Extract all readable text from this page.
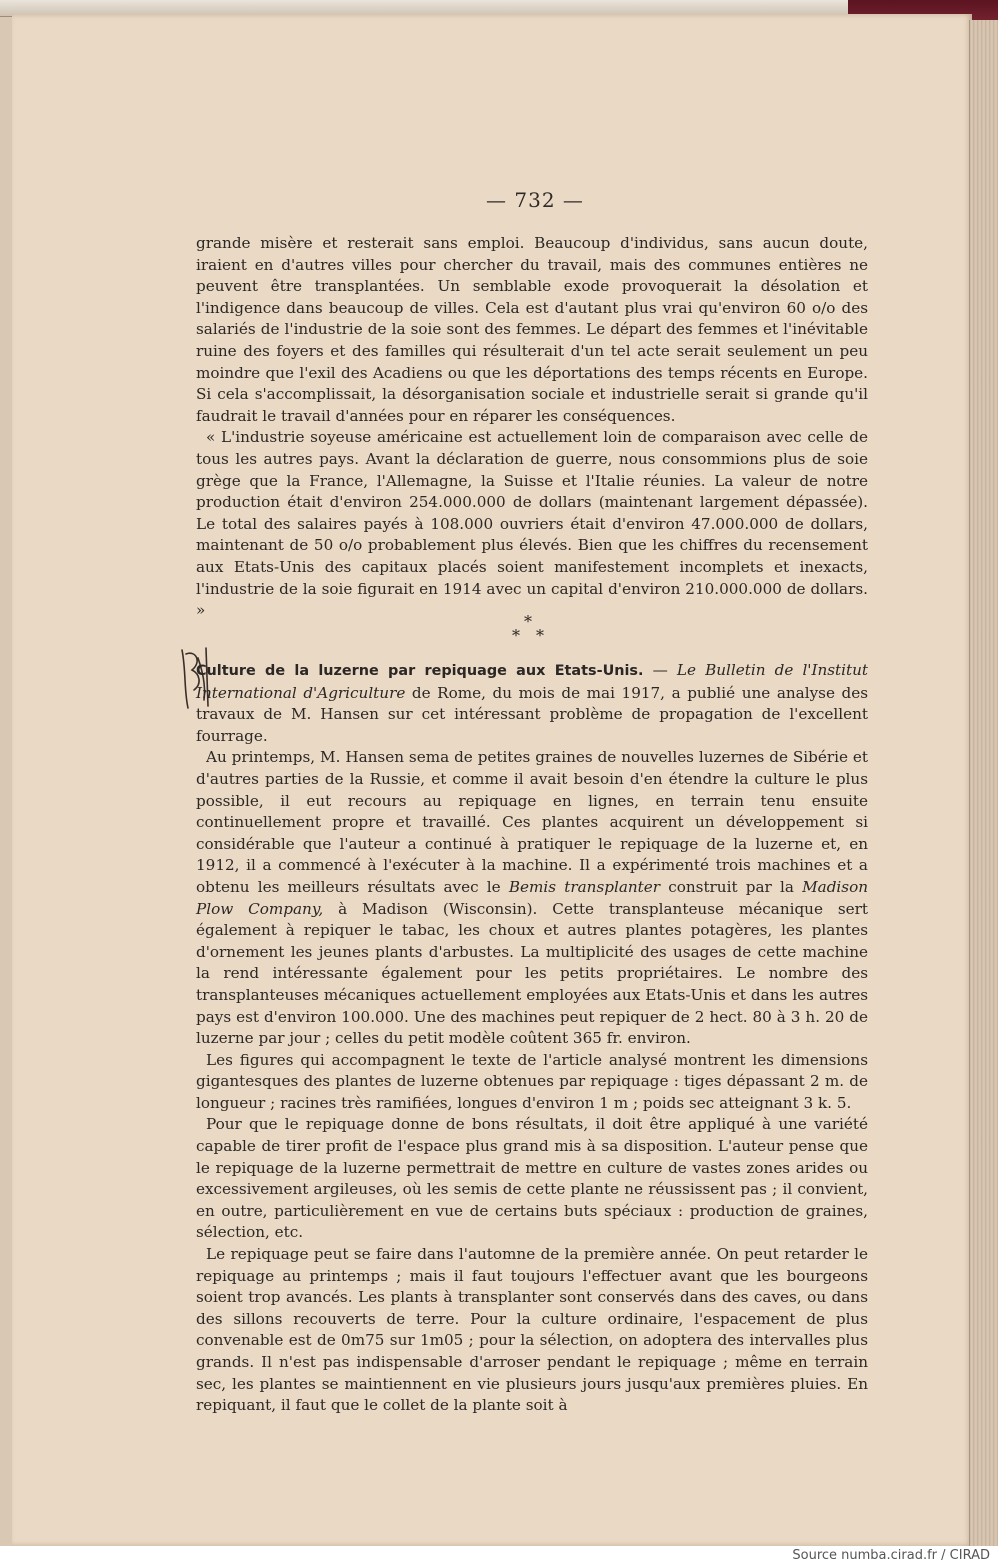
— 732 —

grande misère et resterait sans emploi. Beaucoup d'individus, sans aucun doute, iraient en d'autres villes pour chercher du travail, mais des communes entières ne peuvent être transplantées. Un semblable exode provoquerait la désolation et l'indigence dans beaucoup de villes. Cela est d'autant plus vrai qu'environ 60 o/o des salariés de l'industrie de la soie sont des femmes. Le départ des femmes et l'inévitable ruine des foyers et des familles qui résulterait d'un tel acte serait seulement un peu moindre que l'exil des Acadiens ou que les déportations des temps récents en Europe. Si cela s'accomplissait, la désorganisation sociale et industrielle serait si grande qu'il faudrait le travail d'années pour en réparer les conséquences.

« L'industrie soyeuse américaine est actuellement loin de comparaison avec celle de tous les autres pays. Avant la déclaration de guerre, nous consommions plus de soie grège que la France, l'Allemagne, la Suisse et l'Italie réunies. La valeur de notre production était d'environ 254.000.000 de dollars (maintenant largement dépassée). Le total des salaires payés à 108.000 ouvriers était d'environ 47.000.000 de dollars, maintenant de 50 o/o probablement plus élevés. Bien que les chiffres du recensement aux Etats-Unis des capitaux placés soient manifestement incomplets et inexacts, l'industrie de la soie figurait en 1914 avec un capital d'environ 210.000.000 de dollars. »

*
* *

Culture de la luzerne par repiquage aux Etats-Unis. — Le Bulletin de l'Institut International d'Agriculture de Rome, du mois de mai 1917, a publié une analyse des travaux de M. Hansen sur cet intéressant problème de propagation de l'excellent fourrage.

Au printemps, M. Hansen sema de petites graines de nouvelles luzernes de Sibérie et d'autres parties de la Russie, et comme il avait besoin d'en étendre la culture le plus possible, il eut recours au repiquage en lignes, en terrain tenu ensuite continuellement propre et travaillé. Ces plantes acquirent un développement si considérable que l'auteur a continué à pratiquer le repiquage de la luzerne et, en 1912, il a commencé à l'exécuter à la machine. Il a expérimenté trois machines et a obtenu les meilleurs résultats avec le Bemis transplanter construit par la Madison Plow Company, à Madison (Wisconsin). Cette transplanteuse mécanique sert également à repiquer le tabac, les choux et autres plantes potagères, les plantes d'ornement les jeunes plants d'arbustes. La multiplicité des usages de cette machine la rend intéressante également pour les petits propriétaires. Le nombre des transplanteuses mécaniques actuellement employées aux Etats-Unis et dans les autres pays est d'environ 100.000. Une des machines peut repiquer de 2 hect. 80 à 3 h. 20 de luzerne par jour ; celles du petit modèle coûtent 365 fr. environ.

Les figures qui accompagnent le texte de l'article analysé montrent les dimensions gigantesques des plantes de luzerne obtenues par repiquage : tiges dépassant 2 m. de longueur ; racines très ramifiées, longues d'environ 1 m ; poids sec atteignant 3 k. 5.

Pour que le repiquage donne de bons résultats, il doit être appliqué à une variété capable de tirer profit de l'espace plus grand mis à sa disposition. L'auteur pense que le repiquage de la luzerne permettrait de mettre en culture de vastes zones arides ou excessivement argileuses, où les semis de cette plante ne réussissent pas ; il convient, en outre, particulièrement en vue de certains buts spéciaux : production de graines, sélection, etc.

Le repiquage peut se faire dans l'automne de la première année. On peut retarder le repiquage au printemps ; mais il faut toujours l'effectuer avant que les bourgeons soient trop avancés. Les plants à transplanter sont conservés dans des caves, ou dans des sillons recouverts de terre. Pour la culture ordinaire, l'espacement de plus convenable est de 0m75 sur 1m05 ; pour la sélection, on adoptera des intervalles plus grands. Il n'est pas indispensable d'arroser pendant le repiquage ; même en terrain sec, les plantes se maintiennent en vie plusieurs jours jusqu'aux premières pluies. En repiquant, il faut que le collet de la plante soit à

Source numba.cirad.fr / CIRAD
